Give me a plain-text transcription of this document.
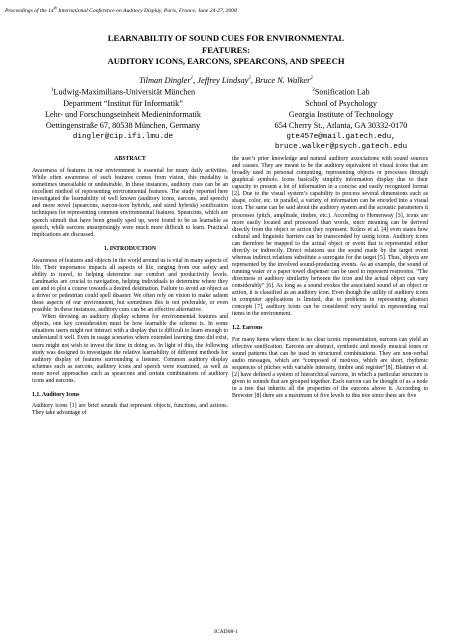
Proceedings of the 14th International Conference on Auditory Display, Paris, France, June 24-27, 2008
LEARNABILTIY OF SOUND CUES FOR ENVIRONMENTAL
FEATURES:
AUDITORY ICONS, EARCONS, SPEARCONS, AND SPEECH
Tilman Dingler$^1$, Jeffrey Lindsay$^2$, Bruce N. Walker$^2$
$^1$Ludwig-Maximilians-Universität München
Department “Institut für Informatik”
Lehr- und Forschungseinheit Medieninformatik
Oettingenstraße 67, 80538 München, Germany
dingler@cip.ifi.lmu.de
$^2$Sonification Lab
School of Psychology
Georgia Institute of Technology
654 Cherry St., Atlanta, GA 30332-0170
gte457e@mail.gatech.edu,
bruce.walker@psych.gatech.edu

ABSTRACT

Awareness of features in our environment is essential for many daily activities. While often awareness of such features comes from vision, this modality is sometimes unavailable or undesirable. In these instances, auditory cues can be an excellent method of representing environmental features. The study reported here investigated the learnability of well known (auditory icons, earcons, and speech) and more novel (spearcons, earcon-icon hybrids, and sized hybrids) sonification techniques for representing common environmental features. Spearcons, which are speech stimuli that have been greatly sped up, were found to be as learnable as speech, while earcons unsurprisingly were much more difficult to learn. Practical implications are discussed.

1. INTRODUCTION

Awareness of features and objects in the world around us is vital in many aspects of life. Their importance impacts all aspects of life, ranging from our safety and ability to travel, to helping determine our comfort and productivity levels. Landmarks are crucial to navigation, helping individuals to determine where they are and to plot a course towards a desired destination. Failure to avoid an object as a driver or pedestrian could spell disaster. We often rely on vision to make salient these aspects of our environment, but sometimes this is not preferable, or even possible. In these instances, auditory cues can be an effective alternative.

When devising an auditory display scheme for environmental features and objects, one key consideration must be how learnable the scheme is. In some situations users might not interact with a display that is difficult to learn enough to understand it well. Even in usage scenarios where extended learning time did exist, users might not wish to invest the time in doing so. In light of this, the following study was designed to investigate the relative learnability of different methods for auditory display of features surrounding a listener. Common auditory display schemes such as earcons, auditory icons and speech were examined, as well as more novel approaches such as spearcons and certain combinations of auditory icons and earcons.

1.1. Auditory Icons

Auditory icons [1] are brief sounds that represent objects, functions, and actions. They take advantage of

the user’s prior knowledge and natural auditory associations with sound sources and causes. They are meant to be the auditory equivalent of visual icons that are broadly used in personal computing, representing objects or processes through graphical symbols. Icons basically simplify information display due to their capacity to present a lot of information in a concise and easily recognized format [2]. Due to the visual system’s capability to process several dimensions such as shape, color, etc. in parallel, a variety of information can be encoded into a visual icon. The same can be said about the auditory system and the acoustic parameters it processes (pitch, amplitude, timbre, etc.). According to Hemenway [3], icons are more easily located and processed than words, since meaning can be derived directly from the object or action they represent. Kolers et al. [4] even states how cultural and linguistic barriers can be transcended by using icons. Auditory icons can therefore be mapped to the actual object or event that is represented either directly or indirectly. Direct relations use the sound made by the target event whereas indirect relations substitute a surrogate for the target [5]. Thus, objects are represented by the involved sound-producing events. As an example, the sound of running water or a paper towel dispenser can be used to represent restrooms. “The directness or auditory similarity between the icon and the actual object can vary considerably” [6]. As long as a sound evokes the associated sound of an object or action, it is classified as an auditory icon. Even though the utility of auditory icons in computer applications is limited, due to problems in representing abstract concepts [7], auditory icons can be considered very useful in representing real items in the environment.

1.2. Earcons

For many items where there is no clear iconic representation, earcons can yield an effective sonification. Earcons are abstract, synthetic and mostly musical tones or sound patterns that can be used in structured combinations. They are non-verbal audio messages, which are “composed of motives, which are short, rhythmic sequences of pitches with variable intensity, timbre and register”[8]. Blattner et al. [2] have defined a system of hierarchical earcons, in which a particular structure is given to sounds that are grouped together. Each earcon can be thought of as a node in a tree that inherits all the properties of the earcons above it. According to Brewster [8] there are a maximum of five levels to this tree since there are five

ICAD08-1
